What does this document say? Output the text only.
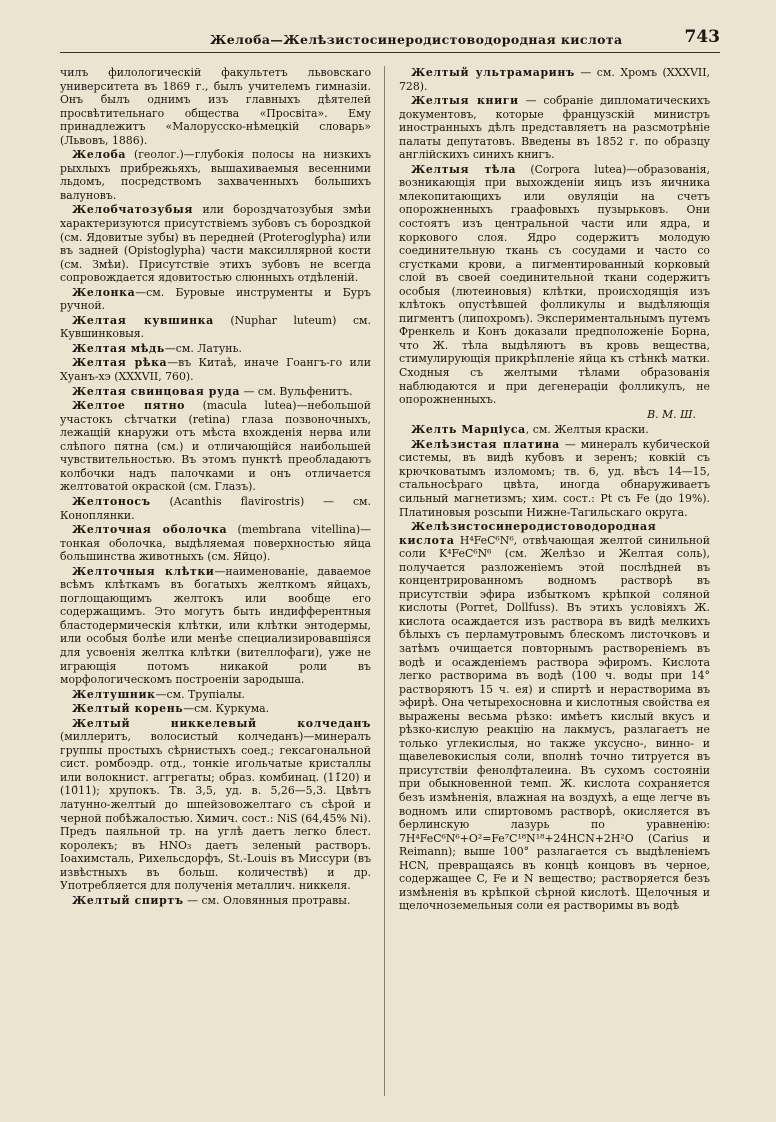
Желоба—Желѣзистосинеродистоводородная кислота	743

чилъ филологическій факультетъ львовскаго университета въ 1869 г., былъ учителемъ гимназіи. Онъ былъ однимъ изъ главныхъ дѣятелей просвѣтительнаго общества «Просвіта». Ему принадлежитъ «Малорусско-нѣмецкій словарь» (Львовъ, 1886).

Желоба (геолог.)—глубокія полосы на низкихъ рыхлыхъ прибрежьяхъ, вышахиваемыя весенними льдомъ, посредствомъ захваченныхъ большихъ валуновъ.

Желобчатозубыя или бороздчатозубыя змѣи характеризуются присутствіемъ зубовъ съ бороздкой (см. Ядовитые зубы) въ передней (Proteroglypha) или въ задней (Opistoglypha) части максиллярной кости (см. Змѣи). Присутствіе этихъ зубовъ не всегда сопровождается ядовитостью слюнныхъ отдѣленій.

Желонка—см. Буровые инструменты и Буръ ручной.

Желтая кувшинка (Nuphar luteum) см. Кувшинковыя.

Желтая мѣдь—см. Латунь.

Желтая рѣка—въ Китаѣ, иначе Гоангъ-го или Хуанъ-хэ (XXXVII, 760).

Желтая свинцовая руда — см. Вульфенитъ.

Желтое пятно (macula lutea)—небольшой участокъ сѣтчатки (retina) глаза позвоночныхъ, лежащій кнаружи отъ мѣста вхожденія нерва или слѣпого пятна (см.) и отличающійся наибольшей чувствительностью. Въ этомъ пунктѣ преобладаютъ колбочки надъ палочками и онъ отличается желтоватой окраской (см. Глазъ).

Желтоносъ (Acanthis flavirostris) — см. Коноплянки.

Желточная оболочка (membrana vitellina)—тонкая оболочка, выдѣляемая поверхностью яйца большинства животныхъ (см. Яйцо).

Желточныя клѣтки—наименованіе, даваемое всѣмъ клѣткамъ въ богатыхъ желткомъ яйцахъ, поглощающимъ желтокъ или вообще его содержащимъ. Это могутъ быть индифферентныя бластодермическія клѣтки, или клѣтки энтодермы, или особыя болѣе или менѣе специализировавшіяся для усвоенія желтка клѣтки (вителлофаги), уже не играющія потомъ никакой роли въ морфологическомъ построеніи зародыша.

Желтушник—см. Трупіалы.

Желтый корень—см. Куркума.

Желтый никкелевый колчеданъ (миллеритъ, волосистый колчеданъ)—минералъ группы простыхъ сѣрнистыхъ соед.; гексагональной сист. ромбоэдр. отд., тонкіе игольчатые кристаллы или волокнист. аггрегаты; образ. комбинац. (11̄20) и (10̄11); хрупокъ. Тв. 3,5, уд. в. 5,26—5,3. Цвѣтъ латунно-желтый до шпейзовожелтаго съ сѣрой и черной побѣжалостью. Химич. сост.: NiS (64,45% Ni). Предъ паяльной тр. на углѣ даетъ легко блест. королекъ; въ HNO₃ даетъ зеленый растворъ. Іоахимсталь, Рихельсдорфъ, St.-Louis въ Миссури (въ извѣстныхъ въ больш. количествѣ) и др. Употребляется для полученія металлич. никкеля.

Желтый спиртъ — см. Оловянныя протравы.

Желтый ультрамаринъ — см. Хромъ (XXXVII, 728).

Желтыя книги — собраніе дипломатическихъ документовъ, которые французскій министръ иностранныхъ дѣлъ представляетъ на разсмотрѣніе палаты депутатовъ. Введены въ 1852 г. по образцу англійскихъ синихъ книгъ.

Желтыя тѣла (Corpora lutea)—образованія, возникающія при выхожденіи яицъ изъ яичника млекопитающихъ или овуляціи на счетъ опорожненныхъ граафовыхъ пузырьковъ. Они состоятъ изъ центральной части или ядра, и коркового слоя. Ядро содержитъ молодую соединительную ткань съ сосудами и часто со сгустками крови, а пигментированный корковый слой въ своей соединительной ткани содержитъ особыя (лютеиновыя) клѣтки, происходящія изъ клѣтокъ опустѣвшей фолликулы и выдѣляющія пигментъ (липохромъ). Экспериментальнымъ путемъ Френкель и Конъ доказали предположеніе Борна, что Ж. тѣла выдѣляютъ въ кровь вещества, стимулирующія прикрѣпленіе яйца къ стѣнкѣ матки. Сходныя съ желтыми тѣлами образованія наблюдаются и при дегенераціи фолликулъ, не опорожненныхъ.

В. М. Ш.

Желть Марціуса, см. Желтыя краски.

Желѣзистая платина — минералъ кубической системы, въ видѣ кубовъ и зеренъ; ковкій съ крючковатымъ изломомъ; тв. 6, уд. вѣсъ 14—15, стальносѣраго цвѣта, иногда обнаруживаетъ сильный магнетизмъ; хим. сост.: Pt съ Fe (до 19%). Платиновыя розсыпи Нижне-Тагильскаго округа.

Желѣзистосинеродистоводородная кислота H⁴FeC⁶N⁶, отвѣчающая желтой синильной соли K⁴FeC⁶N⁶ (см. Желѣзо и Желтая соль), получается разложеніемъ этой послѣдней въ концентрированномъ водномъ растворѣ въ присутствіи эфира избыткомъ крѣпкой соляной кислоты (Porret, Dollfuss). Въ этихъ условіяхъ Ж. кислота осаждается изъ раствора въ видѣ мелкихъ бѣлыхъ съ перламутровымъ блескомъ листочковъ и затѣмъ очищается повторнымъ растворенiемъ въ водѣ и осажденіемъ раствора эфиромъ. Кислота легко растворима въ водѣ (100 ч. воды при 14° растворяютъ 15 ч. ея) и спиртѣ и нерастворима въ эфирѣ. Она четырехосновна и кислотныя свойства ея выражены весьма рѣзко: имѣетъ кислый вкусъ и рѣзко-кислую реакцію на лакмусъ, разлагаетъ не только углекислыя, но также уксусно-, винно- и щавелевокислыя соли, вполнѣ точно титруется въ присутствіи фенолфталеина. Въ сухомъ состояніи при обыкновенной темп. Ж. кислота сохраняется безъ измѣненія, влажная на воздухѣ, а еще легче въ водномъ или спиртовомъ растворѣ, окисляется въ берлинскую лазурь по уравненію: 7H⁴FeC⁶N⁶+O²=Fe⁷C¹⁸N¹⁸+24HCN+2H²O (Carius и Reimann); выше 100° разлагается съ выдѣленіемъ HCN, превращаясь въ концѣ концовъ въ черное, содержащее C, Fe и N вещество; растворяется безъ измѣненія въ крѣпкой сѣрной кислотѣ. Щелочныя и щелочноземельныя соли ея растворимы въ водѣ
